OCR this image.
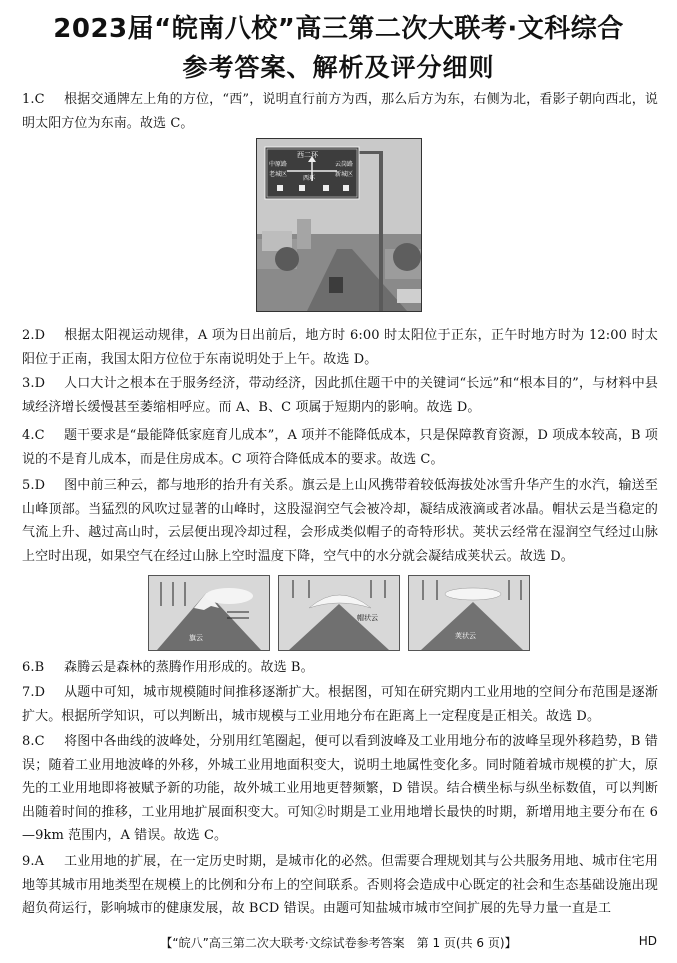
2023届“皖南八校”高三第二次大联考·文科综合
参考答案、解析及评分细则
1.C 根据交通牌左上角的方位，“西”，说明直行前方为西，那么后方为东，右侧为北，看影子朝向西北，说明太阳方位为东南。故选 C。
西二环
中原路
老城区
云岗路
新城区
西环
2.D 根据太阳视运动规律，A 项为日出前后，地方时 6:00 时太阳位于正东，正午时地方时为 12:00 时太阳位于正南，我国太阳方位位于东南说明处于上午。故选 D。
3.D 人口大计之根本在于服务经济，带动经济，因此抓住题干中的关键词“长远”和“根本目的”，与材料中县域经济增长缓慢甚至萎缩相呼应。而 A、B、C 项属于短期内的影响。故选 D。
4.C 题干要求是“最能降低家庭育儿成本”，A 项并不能降低成本，只是保障教育资源，D 项成本较高，B 项说的不是育儿成本，而是住房成本。C 项符合降低成本的要求。故选 C。
5.D 图中前三种云，都与地形的抬升有关系。旗云是上山风携带着较低海拔处冰雪升华产生的水汽，输送至山峰顶部。当猛烈的风吹过显著的山峰时，这股湿润空气会被冷却，凝结成液滴或者冰晶。帽状云是当稳定的气流上升、越过高山时，云层便出现冷却过程，会形成类似帽子的奇特形状。荚状云经常在湿润空气经过山脉上空时出现，如果空气在经过山脉上空时温度下降，空气中的水分就会凝结成荚状云。故选 D。
旗云
帽状云
荚状云
6.B 森腾云是森林的蒸腾作用形成的。故选 B。
7.D 从题中可知，城市规模随时间推移逐渐扩大。根据图，可知在研究期内工业用地的空间分布范围是逐渐扩大。根据所学知识，可以判断出，城市规模与工业用地分布在距离上一定程度是正相关。故选 D。
8.C 将图中各曲线的波峰处，分别用红笔圈起，便可以看到波峰及工业用地分布的波峰呈现外移趋势，B 错误；随着工业用地波峰的外移，外城工业用地面积变大，说明土地属性变化多。同时随着城市规模的扩大，原先的工业用地即将被赋予新的功能，故外城工业用地更替频繁，D 错误。结合横坐标与纵坐标数值，可以判断出随着时间的推移，工业用地扩展面积变大。可知②时期是工业用地增长最快的时期，新增用地主要分布在 6—9km 范围内，A 错误。故选 C。
9.A 工业用地的扩展，在一定历史时期，是城市化的必然。但需要合理规划其与公共服务用地、城市住宅用地等其城市用地类型在规模上的比例和分布上的空间联系。否则将会造成中心既定的社会和生态基础设施出现超负荷运行，影响城市的健康发展，故 BCD 错误。由题可知盐城市城市空间扩展的先导力量一直是工
【“皖八”高三第二次大联考·文综试卷参考答案　第 1 页(共 6 页)】	HD
